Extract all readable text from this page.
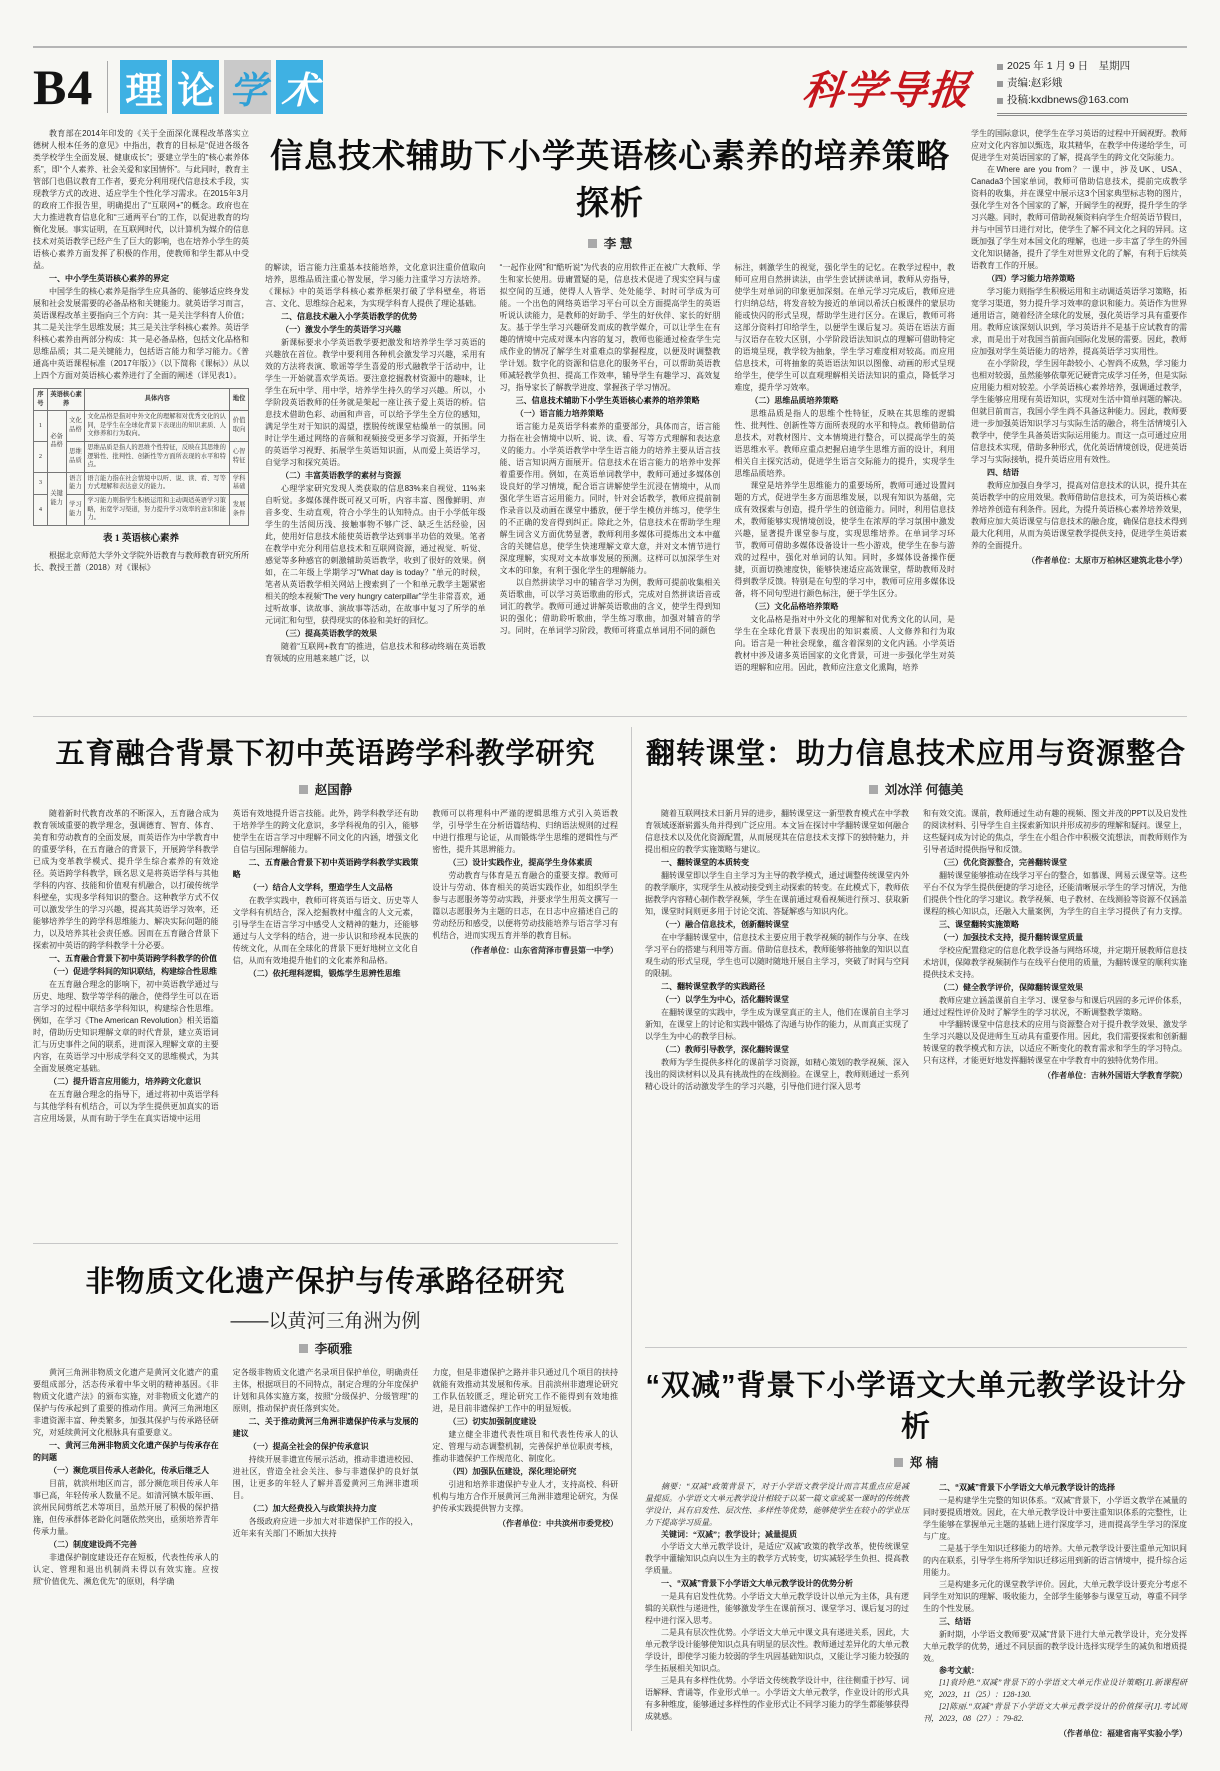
B4 理 论 学 术	科学导报
2025 年 1 月 9 日　星期四
责编:赵彩娥
投稿:kxdbnews@163.com

教育部在2014年印发的《关于全面深化课程改革落实立德树人根本任务的意见》中指出，教育的目标是“促进各级各类学校学生全面发展、健康成长”；要建立学生的“核心素养体系”，即“个人素养、社会关爱和家国情怀”。与此同时，教育主管部门也倡议教育工作者，要充分利用现代信息技术手段，实现教学方式的改进、适应学生个性化学习需求。在2015年3月的政府工作报告里，明确提出了“互联网+”的概念。政府也在大力推进教育信息化和“三通两平台”的工作，以促进教育的均衡化发展。事实证明，在互联网时代，以计算机为媒介的信息技术对英语教学已经产生了巨大的影响，也在培养小学生的英语核心素养方面发挥了积极的作用，使教师和学生都从中受益。

一、中小学生英语核心素养的界定

中国学生的核心素养是指学生应具备的、能够适应终身发展和社会发展需要的必备品格和关键能力。就英语学习而言，英语课程改革主要指向三个方向：其一是关注学科育人价值；其二是关注学生思维发展；其三是关注学科核心素养。英语学科核心素养由两部分构成：其一是必备品格，包括文化品格和思维品质；其二是关键能力，包括语言能力和学习能力。《普通高中英语课程标准（2017年版）》（以下简称《课标》）从以上四个方面对英语核心素养进行了全面的阐述（详见表1）。

序号	英语核心素养		具体内容	地位
1	必备品格	文化品格	文化品格是指对中外文化的理解和对优秀文化的认同，是学生在全球化背景下表现出的知识素质、人文修养和行为取向。	价值取向
2		思维品质	思维品质是指人的思维个性特征，反映在其思维的逻辑性、批判性、创新性等方面所表现的水平和特点。	心智特征
3	关键能力	语言能力	语言能力指在社会情境中以听、说、读、看、写等方式理解和表达意义的能力。	学科基础
4		学习能力	学习能力则指学生积极运用和主动调适英语学习策略，拓宽学习渠道，努力提升学习效率的意识和能力。	发展条件

表 1 英语核心素养

根据北京师范大学外文学院外语教育与教师教育研究所所长、教授王蔷（2018）对《课标》

信息技术辅助下小学英语核心素养的培养策略探析
李 慧

的解读，语言能力注重基本技能培养，文化意识注重价值取向培养，思维品质注重心智发展，学习能力注重学习方法培养。《课标》中的英语学科核心素养框架打破了学科壁垒，将语言、文化、思维综合起来，为实现学科育人提供了理论基础。

二、信息技术融入小学英语教学的优势

（一）激发小学生的英语学习兴趣

新课标要求小学英语教学要把激发和培养学生学习英语的兴趣放在首位。教学中要利用各种机会激发学习兴趣，采用有效的方法将表演、歌谣等学生喜爱的形式融教学于活动中，让学生一开始就喜欢学英语。要注意挖掘教材资源中的趣味，让学生在玩中学、用中学，培养学生持久的学习兴趣。所以，小学阶段英语教师的任务就是架起一座让孩子爱上英语的桥。信息技术借助色彩、动画和声音，可以给予学生全方位的感知，满足学生对于知识的渴望，摆脱传统课堂枯燥单一的氛围。同时让学生通过网络的音频和视频接受更多学习资源，开拓学生的英语学习视野、拓展学生英语知识面，从而爱上英语学习，自觉学习和探究英语。

（二）丰富英语教学的素材与资源

心理学家研究发现人类获取的信息83%来自视觉、11%来自听觉。多媒体课件既可视又可听，内容丰富、图像鲜明、声音多变、生动直观，符合小学生的认知特点。由于小学低年级学生的生活阅历浅、接触事物不够广泛、缺乏生活经验，因此，使用好信息技术能使英语教学达到事半功倍的效果。笔者在教学中充分利用信息技术和互联网资源，通过视觉、听觉、感觉等多种感官的刺激辅助英语教学，收到了很好的效果。例如，在二年级上学期学习“What day is today？”单元的时候，笔者从英语教学相关网站上搜索到了一个和单元教学主题紧密相关的绘本视频“The very hungry caterpillar”学生非常喜欢，通过听故事、读故事、演故事等活动，在故事中复习了所学的单元词汇和句型，获得现实的体验和美好的回忆。

（三）提高英语教学的效果

随着“互联网+教育”的推进，信息技术和移动终端在英语教育领域的应用越来越广泛，以

“一起作业网”和“酷听说”为代表的应用软件正在被广大教师、学生和家长使用。毋庸置疑的是，信息技术促进了现实空间与虚拟空间的互通，使得人人皆学、处处能学、时时可学成为可能。一个出色的网络英语学习平台可以全方面提高学生的英语听说认读能力，是教师的好助手、学生的好伙伴、家长的好朋友。基于学生学习兴趣研发而成的教学媒介，可以让学生在有趣的情境中完成对课本内容的复习，教师也能通过检查学生完成作业的情况了解学生对重难点的掌握程度，以便及时调整教学计划。数字化的资源和信息化的服务平台，可以帮助英语教师减轻教学负担、提高工作效率，辅导学生有趣学习、高效复习，指导家长了解教学进度、掌握孩子学习情况。

三、信息技术辅助下小学生英语核心素养的培养策略

（一）语言能力培养策略

语言能力是英语学科素养的重要部分，具体而言，语言能力指在社会情境中以听、说、读、看、写等方式理解和表达意义的能力。小学英语教学中学生语言能力的培养主要从语言技能、语言知识两方面展开。信息技术在语言能力的培养中发挥着重要作用。例如，在英语单词教学中，教师可通过多媒体创设良好的学习情境，配合语言讲解使学生沉浸在情境中，从而强化学生语言运用能力。同时，针对会话教学，教师应提前制作录音以及动画在课堂中播放，便于学生模仿并练习，使学生的不正确的发音得到纠正。除此之外，信息技术在帮助学生理解生词含义方面优势显著，教师利用多媒体可提炼出文本中蕴含的关键信息，使学生快速理解文章大意，并对文本情节进行深度理解，实现对文本故事发展的预测。这样可以加深学生对文本的印象，有利于强化学生的理解能力。

以自然拼读学习中的辅音学习为例，教师可提前收集相关英语歌曲，可以学习英语歌曲的形式，完成对自然拼读语音或词汇的教学。教师可通过讲解英语歌曲的含义，使学生得到知识的强化；借助聆听歌曲，学生练习歌曲，加强对辅音的学习。同时，在单词学习阶段，教师可将重点单词用不同的颜色

标注，刺激学生的视觉，强化学生的记忆。在教学过程中，教师可应用自然拼读法，由学生尝试拼读单词，教师从旁指导，使学生对单词的印象更加深刻。在单元学习完成后，教师应进行归纳总结，将发音较为接近的单词以希沃白板课件的蒙层功能或快闪的形式呈现，帮助学生进行区分。在课后，教师可将这部分资料打印给学生，以便学生课后复习。英语在语法方面与汉语存在较大区别，小学阶段语法知识点的理解可借助特定的语境呈现，教学较为抽象，学生学习难度相对较高。而应用信息技术，可将抽象的英语语法知识以图像、动画的形式呈现给学生，使学生可以直观理解相关语法知识的重点，降低学习难度，提升学习效率。

（二）思维品质培养策略

思维品质是指人的思维个性特征，反映在其思维的逻辑性、批判性、创新性等方面所表现的水平和特点。教师借助信息技术，对教材图片、文本情境进行整合，可以提高学生的英语思维水平。教师应重点把握启迪学生思维方面的设计，利用相关自主探究活动，促进学生语言交际能力的提升，实现学生思维品质培养。

课堂是培养学生思维能力的重要场所，教师可通过设置问题的方式，促进学生多方面思维发展，以现有知识为基础，完成有效探索与创造，提升学生的创造能力。同时，利用信息技术，教师能够实现情境创设，使学生在浓厚的学习氛围中激发兴趣，显著提升课堂参与度，实现思维培养。在单词学习环节，教师可借助多媒体设备设计一些小游戏，使学生在参与游戏的过程中，强化对单词的认知。同时，多媒体设备操作便捷，页面切换速度快，能够快速适应高效课堂，帮助教师及时得到教学反馈。特别是在句型的学习中，教师可应用多媒体设备，将不同句型进行颜色标注，便于学生区分。

（三）文化品格培养策略

文化品格是指对中外文化的理解和对优秀文化的认同，是学生在全球化背景下表现出的知识素质、人文修养和行为取向。语言是一种社会现象，蕴含着深刻的文化内涵。小学英语教材中涉及诸多英语国家的文化背景，可进一步强化学生对英语的理解和应用。因此，教师应注意文化熏陶，培养

学生的国际意识，使学生在学习英语的过程中开阔视野。教师应对文化内容加以甄选，取其精华，在教学中传递给学生，可促进学生对英语国家的了解，提高学生的跨文化交际能力。

在Where are you from？一课中，涉及UK、USA、Canada3个国家单词，教师可借助信息技术，提前完成教学资料的收集，并在课堂中展示这3个国家典型标志物的图片，强化学生对各个国家的了解，开阔学生的视野，提升学生的学习兴趣。同时，教师可借助视频资料向学生介绍英语节假日，并与中国节日进行对比，使学生了解不同文化之间的异同。这既加强了学生对本国文化的理解，也进一步丰富了学生的外国文化知识储备，提升了学生对世界文化的了解，有利于后续英语教育工作的开展。

（四）学习能力培养策略

学习能力则指学生积极运用和主动调适英语学习策略，拓宽学习渠道，努力提升学习效率的意识和能力。英语作为世界通用语言，随着经济全球化的发展，强化英语学习具有重要作用。教师应该深刻认识到，学习英语并不是基于应试教育的需求，而是出于对我国当前面向国际化发展的需要。因此，教师应加强对学生英语能力的培养，提高英语学习实用性。

在小学阶段，学生因年龄较小、心智尚不成熟，学习能力也相对较弱，虽然能够依靠死记硬背完成学习任务，但是实际应用能力相对较差。小学英语核心素养培养，强调通过教学，学生能够应用现有英语知识，实现对生活中简单问题的解决。但就目前而言，我国小学生尚不具备这种能力。因此，教师要进一步加强英语知识学习与实际生活的融合，将生活情境引入教学中，使学生具备英语实际运用能力。而这一点可通过应用信息技术实现，借助多种形式，优化英语情境创设，促进英语学习与实际接轨，提升英语应用有效性。

四、结语

教师应加强自身学习，提高对信息技术的认识，提升其在英语教学中的应用效果。教师借助信息技术，可为英语核心素养培养创造有利条件。因此，为提升英语核心素养培养效果，教师应加大英语课堂与信息技术的融合度，确保信息技术得到最大化利用，从而为英语课堂教学提供支持，促进学生英语素养的全面提升。

（作者单位：太原市万柏林区建筑北巷小学）

五育融合背景下初中英语跨学科教学研究
赵国静

随着新时代教育改革的不断深入，五育融合成为教育领域重要的教学理念，强调德育、智育、体育、美育和劳动教育的全面发展，而英语作为中学教育中的重要学科，在五育融合的背景下，开展跨学科教学已成为变革教学模式、提升学生综合素养的有效途径。英语跨学科教学，顾名思义是将英语学科与其他学科的内容、技能和价值观有机融合，以打破传统学科壁垒，实现多学科知识的整合。这种教学方式不仅可以激发学生的学习兴趣，提高其英语学习效率，还能够培养学生的跨学科思维能力、解决实际问题的能力，以及培养其社会责任感。因而在五育融合背景下探索初中英语的跨学科教学十分必要。

一、五育融合背景下初中英语跨学科教学的价值

（一）促进学科间的知识联结，构建综合性思维

在五育融合理念的影响下，初中英语教学通过与历史、地理、数学等学科的融合，使得学生可以在语言学习的过程中联结多学科知识，构建综合性思维。例如，在学习《The American Revolution》相关语篇时，借助历史知识理解文章的时代背景，建立英语词汇与历史事件之间的联系，进而深入理解文章的主要内容，在英语学习中形成学科交叉的思维模式，为其全面发展奠定基础。

（二）提升语言应用能力，培养跨文化意识

在五育融合理念的指导下，通过将初中英语学科与其他学科有机结合，可以为学生提供更加真实的语言应用场景，从而有助于学生在真实语境中运用

英语有效地提升语言技能。此外，跨学科教学还有助于培养学生的跨文化意识，多学科视角的引入，能够使学生在语言学习中理解不同文化的内涵，增强文化自信与国际理解能力。

二、五育融合背景下初中英语跨学科教学实践策略

（一）结合人文学科，塑造学生人文品格

在教学实践中，教师可将英语与语文、历史等人文学科有机结合，深入挖掘教材中蕴含的人文元素，引导学生在语言学习中感受人文精神的魅力，还能够通过与人文学科的结合，进一步认识和珍视本民族的传统文化，从而在全球化的背景下更好地树立文化自信，从而有效地提升他们的文化素养和品格。

（二）依托理科逻辑，锻炼学生思辨性思维

教师可以将理科中严谨的逻辑思维方式引入英语教学，引导学生在分析语篇结构、归纳语法规则的过程中进行推理与论证，从而锻炼学生思维的逻辑性与严密性，提升其思辨能力。

（三）设计实践作业，提高学生身体素质

劳动教育与体育是五育融合的重要支撑。教师可设计与劳动、体育相关的英语实践作业，如组织学生参与志愿服务等劳动实践，并要求学生用英文撰写一篇以志愿服务为主题的日志，在日志中应描述自己的劳动经历和感受，以便将劳动技能培养与语言学习有机结合，进而实现五育并举的教育目标。

（作者单位：山东省菏泽市曹县第一中学）

非物质文化遗产保护与传承路径研究
——以黄河三角洲为例
李硕雅

黄河三角洲非物质文化遗产是黄河文化遗产的重要组成部分，活态传承着中华文明的精神基因。《非物质文化遗产法》的颁布实施，对非物质文化遗产的保护与传承起到了重要的推动作用。黄河三角洲地区非遗资源丰富、种类繁多，加强其保护与传承路径研究，对延续黄河文化根脉具有重要意义。

一、黄河三角洲非物质文化遗产保护与传承存在的问题

（一）濒危项目传承人老龄化，传承后继乏人

目前，就滨州地区而言，部分濒危项目传承人年事已高，年轻传承人数量不足。如清河镇木版年画、滨州民间剪纸艺术等项目，虽然开展了积极的保护措施，但传承群体老龄化问题依然突出，亟须培养青年传承力量。

（二）制度建设尚不完善

非遗保护制度建设还存在短板，代表性传承人的认定、管理和退出机制尚未得以有效实施。应按照“价值优先、濒危优先”的原则，科学确

定各级非物质文化遗产名录项目保护单位，明确责任主体，根据项目的不同特点，制定合理的分年度保护计划和具体实施方案，按照“分级保护、分级管理”的原则，推动保护责任落到实处。

二、关于推动黄河三角洲非遗保护传承与发展的建议

（一）提高全社会的保护传承意识

持续开展非遗宣传展示活动，推动非遗进校园、进社区，营造全社会关注、参与非遗保护的良好氛围，让更多的年轻人了解并喜爱黄河三角洲非遗项目。

（二）加大经费投入与政策扶持力度

各级政府应进一步加大对非遗保护工作的投入，近年来有关部门不断加大扶持

力度，但是非遗保护之路并非只通过几个项目的扶持就能有效推动其发展和传承。目前滨州非遗理论研究工作队伍较匮乏，理论研究工作不能得到有效地推进，是目前非遗保护工作中的明显短板。

（三）切实加强制度建设

建立健全非遗代表性项目和代表性传承人的认定、管理与动态调整机制，完善保护单位职责考核，推动非遗保护工作规范化、制度化。

（四）加强队伍建设，深化理论研究

引进和培养非遗保护专业人才，支持高校、科研机构与地方合作开展黄河三角洲非遗理论研究，为保护传承实践提供智力支撑。

（作者单位：中共滨州市委党校）

翻转课堂：助力信息技术应用与资源整合
刘冰洋 何德美

随着互联网技术日新月异的进步，翻转课堂这一新型教育模式在中学教育领域逐渐崭露头角并得到广泛应用。本文旨在探讨中学翻转课堂如何融合信息技术以及优化资源配置，从而展现其在信息技术支撑下的独特魅力，并提出相应的教学实施策略与建议。

一、翻转课堂的本质转变

翻转课堂即以学生自主学习为主导的教学模式，通过调整传统课堂内外的教学顺序，实现学生从被动接受到主动探索的转变。在此模式下，教师依据教学内容精心制作教学视频，学生在课前通过观看视频进行预习、获取新知，课堂时间则更多用于讨论交流、答疑解惑与知识内化。

（一）融合信息技术，创新翻转课堂

在中学翻转课堂中，信息技术主要应用于教学视频的制作与分享、在线学习平台的搭建与利用等方面。借助信息技术，教师能够将抽象的知识以直观生动的形式呈现，学生也可以随时随地开展自主学习，突破了时间与空间的限制。

二、翻转课堂教学的实践路径

（一）以学生为中心，活化翻转课堂

在翻转课堂的实践中，学生成为课堂真正的主人，他们在课前自主学习新知，在课堂上的讨论和实践中锻炼了沟通与协作的能力，从而真正实现了以学生为中心的教学目标。

（二）教师引导教学，深化翻转课堂

教师为学生提供多样化的课前学习资源，如精心策划的教学视频、深入浅出的阅读材料以及具有挑战性的在线测验。在课堂上，教师则通过一系列精心设计的活动激发学生的学习兴趣，引导他们进行深入思考

和有效交流。课前，教师通过生动有趣的视频、图文并茂的PPT以及启发性的阅读材料、引导学生自主探索新知识并形成初步的理解和疑问。课堂上，这些疑问成为讨论的焦点，学生在小组合作中积极交流想法，而教师则作为引导者适时提供指导和反馈。

（三）优化资源整合，完善翻转课堂

翻转课堂能够推动在线学习平台的整合，如慕课、网易云课堂等。这些平台不仅为学生提供便捷的学习途径，还能清晰展示学生的学习情况，为他们提供个性化的学习建议。教学视频、电子教材、在线测验等资源不仅涵盖课程的核心知识点，还融入大量案例，为学生的自主学习提供了有力支撑。

三、课堂翻转实施策略

（一）加强技术支持，提升翻转课堂质量

学校应配置稳定的信息化教学设备与网络环境，并定期开展教师信息技术培训，保障教学视频制作与在线平台使用的质量，为翻转课堂的顺利实施提供技术支持。

（二）健全教学评价，保障翻转课堂效果

教师应建立涵盖课前自主学习、课堂参与和课后巩固的多元评价体系，通过过程性评价及时了解学生的学习状况，不断调整教学策略。

中学翻转课堂中信息技术的应用与资源整合对于提升教学效果、激发学生学习兴趣以及促进师生互动具有重要作用。因此，我们需要探索和创新翻转课堂的教学模式和方法，以适应不断变化的教育需求和学生的学习特点。只有这样，才能更好地发挥翻转课堂在中学教育中的独特优势作用。

（作者单位：吉林外国语大学教育学院）

“双减”背景下小学语文大单元教学设计分析
郑 楠

摘要：“双减”政策背景下，对于小学语文教学设计而言其重点应是减量提质。小学语文大单元教学设计相较于以某一篇文章或某一课时的传统教学设计，具有启发性、层次性、多样性等优势，能够使学生在较小的学业压力下提高学习质量。

关键词：“双减”；教学设计；减量提质

小学语文大单元教学设计，是适应“双减”政策的教学改革，使传统课堂教学中灌输知识点向以生为主的教学方式转变，切实减轻学生负担、提高教学质量。

一、“双减”背景下小学语文大单元教学设计的优势分析

一是具有启发性优势。小学语文大单元教学设计以单元为主体，具有逻辑的关联性与递进性，能够激发学生在课前预习、课堂学习、课后复习的过程中进行深入思考。

二是具有层次性优势。小学语文大单元中课文具有递进关系，因此，大单元教学设计能够使知识点具有明显的层次性。教师通过差异化的大单元教学设计，即使学习能力较弱的学生巩固基础知识点，又能让学习能力较强的学生拓展相关知识点。

三是具有多样性优势。小学语文传统教学设计中，往往侧重于抄写、词语解释、背诵等，作业形式单一。小学语文大单元教学，作业设计的形式具有多种维度，能够通过多样性的作业形式让不同学习能力的学生都能够获得成就感。

二、“双减”背景下小学语文大单元教学设计的选择

一是构建学生完整的知识体系。“双减”背景下，小学语文教学在减量的同时要提质增效。因此，在大单元教学设计中要注重知识体系的完整性，让学生能够在掌握单元主题的基础上进行深度学习，进而提高学生学习的深度与广度。

二是基于学生知识迁移能力的培养。大单元教学设计要注重单元知识间的内在联系，引导学生将所学知识迁移运用到新的语言情境中，提升综合运用能力。

三是构建多元化的课堂教学评价。因此，大单元教学设计要充分考虑不同学生对知识的理解、吸收能力，全部学生能够参与课堂互动，尊重不同学生的个性发展。

三、结语

新时期，小学语文教师要“双减”背景下进行大单元教学设计，充分发挥大单元教学的优势，通过不同层面的教学设计选择实现学生的减负和增质提效。

参考文献：

[1]袁玲艳.“双减”背景下的小学语文大单元作业设计策略[J].新课程研究，2023，11（25）：128-130.

[2]陈丽.“双减”背景下小学语文大单元教学设计的价值探寻[J].考试周刊，2023，08（27）：79-82.

（作者单位：福建省南平实验小学）
